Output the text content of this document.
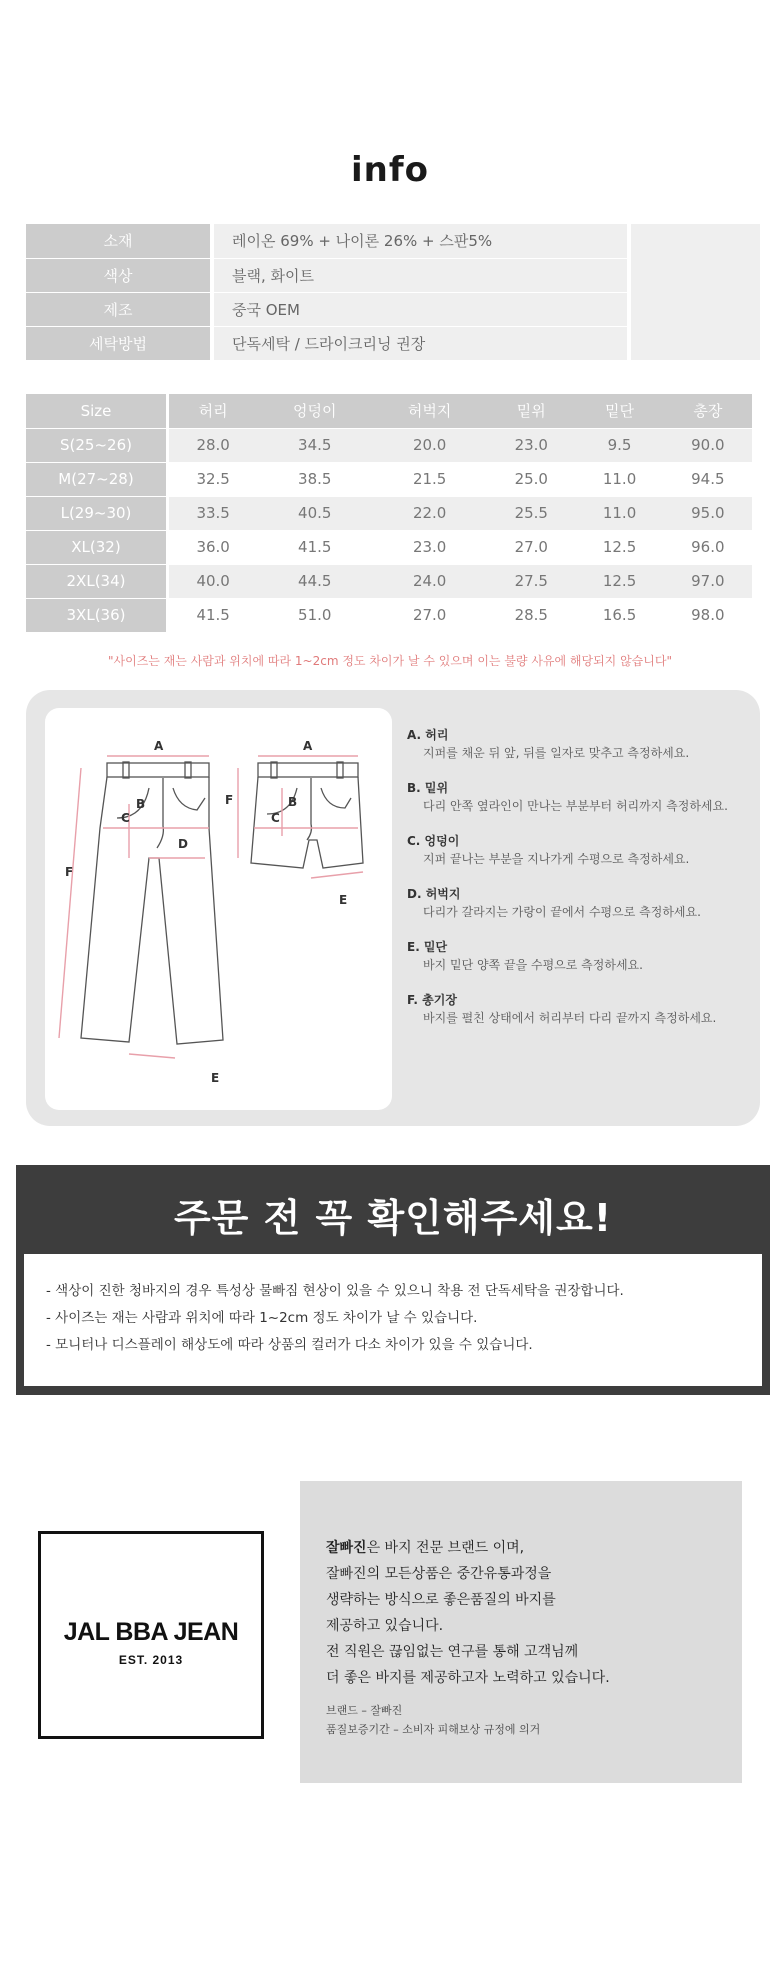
info
소재		레이온 69% + 나이론 26% + 스판5%		
색상		블랙, 화이트		
제조		중국 OEM		
세탁방법		단독세탁 / 드라이크리닝 권장		
Size		허리	엉덩이	허벅지	밑위	밑단	총장
S(25~26)		28.0	34.5	20.0	23.0	9.5	90.0
M(27~28)		32.5	38.5	21.5	25.0	11.0	94.5
L(29~30)		33.5	40.5	22.0	25.5	11.0	95.0
XL(32)		36.0	41.5	23.0	27.0	12.5	96.0
2XL(34)		40.0	44.5	24.0	27.5	12.5	97.0
3XL(36)		41.5	51.0	27.0	28.5	16.5	98.0
"사이즈는 재는 사람과 위치에 따라 1~2cm 정도 차이가 날 수 있으며 이는 불량 사유에 해당되지 않습니다"
A
B
C
D
F
E
A
B
C
F
E
A. 허리
지퍼를 채운 뒤 앞, 뒤를 일자로 맞추고 측정하세요.
B. 밑위
다리 안쪽 옆라인이 만나는 부분부터 허리까지 측정하세요.
C. 엉덩이
지퍼 끝나는 부분을 지나가게 수평으로 측정하세요.
D. 허벅지
다리가 갈라지는 가랑이 끝에서 수평으로 측정하세요.
E. 밑단
바지 밑단 양쪽 끝을 수평으로 측정하세요.
F. 총기장
바지를 펼친 상태에서 허리부터 다리 끝까지 측정하세요.
주문 전 꼭 확인해주세요!
- 색상이 진한 청바지의 경우 특성상 물빠짐 현상이 있을 수 있으니 착용 전 단독세탁을 권장합니다.
- 사이즈는 재는 사람과 위치에 따라 1~2cm 정도 차이가 날 수 있습니다.
- 모니터나 디스플레이 해상도에 따라 상품의 컬러가 다소 차이가 있을 수 있습니다.
잘빠진은 바지 전문 브랜드 이며,
잘빠진의 모든상품은 중간유통과정을
생략하는 방식으로 좋은품질의 바지를
제공하고 있습니다.
전 직원은 끊임없는 연구를 통해 고객님께
더 좋은 바지를 제공하고자 노력하고 있습니다.
브랜드 – 잘빠진
품질보증기간 – 소비자 피해보상 규정에 의거
JAL BBA JEAN
EST. 2013
